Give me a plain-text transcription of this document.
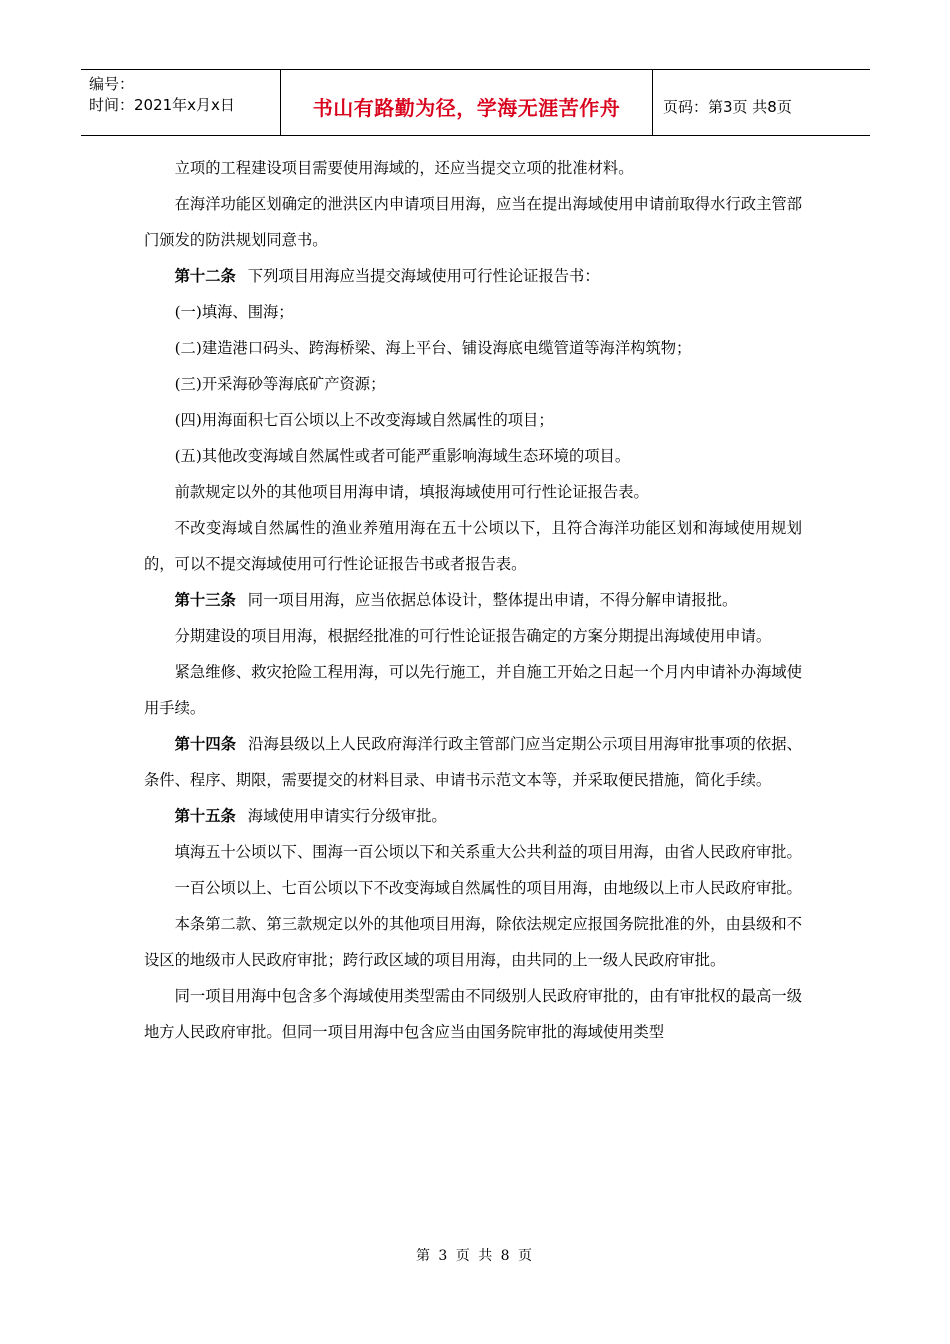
编号：
时间：2021年x月x日	书山有路勤为径，学海无涯苦作舟	页码：第3页 共8页

立项的工程建设项目需要使用海域的，还应当提交立项的批准材料。

在海洋功能区划确定的泄洪区内申请项目用海，应当在提出海域使用申请前取得水行政主管部门颁发的防洪规划同意书。

第十二条 下列项目用海应当提交海域使用可行性论证报告书：

(一)填海、围海；

(二)建造港口码头、跨海桥梁、海上平台、铺设海底电缆管道等海洋构筑物；

(三)开采海砂等海底矿产资源；

(四)用海面积七百公顷以上不改变海域自然属性的项目；

(五)其他改变海域自然属性或者可能严重影响海域生态环境的项目。

前款规定以外的其他项目用海申请，填报海域使用可行性论证报告表。

不改变海域自然属性的渔业养殖用海在五十公顷以下，且符合海洋功能区划和海域使用规划的，可以不提交海域使用可行性论证报告书或者报告表。

第十三条 同一项目用海，应当依据总体设计，整体提出申请，不得分解申请报批。

分期建设的项目用海，根据经批准的可行性论证报告确定的方案分期提出海域使用申请。

紧急维修、救灾抢险工程用海，可以先行施工，并自施工开始之日起一个月内申请补办海域使用手续。

第十四条 沿海县级以上人民政府海洋行政主管部门应当定期公示项目用海审批事项的依据、条件、程序、期限，需要提交的材料目录、申请书示范文本等，并采取便民措施，简化手续。

第十五条 海域使用申请实行分级审批。

填海五十公顷以下、围海一百公顷以下和关系重大公共利益的项目用海，由省人民政府审批。

一百公顷以上、七百公顷以下不改变海域自然属性的项目用海，由地级以上市人民政府审批。

本条第二款、第三款规定以外的其他项目用海，除依法规定应报国务院批准的外，由县级和不设区的地级市人民政府审批；跨行政区域的项目用海，由共同的上一级人民政府审批。

同一项目用海中包含多个海域使用类型需由不同级别人民政府审批的，由有审批权的最高一级地方人民政府审批。但同一项目用海中包含应当由国务院审批的海域使用类型

第 3 页 共 8 页
